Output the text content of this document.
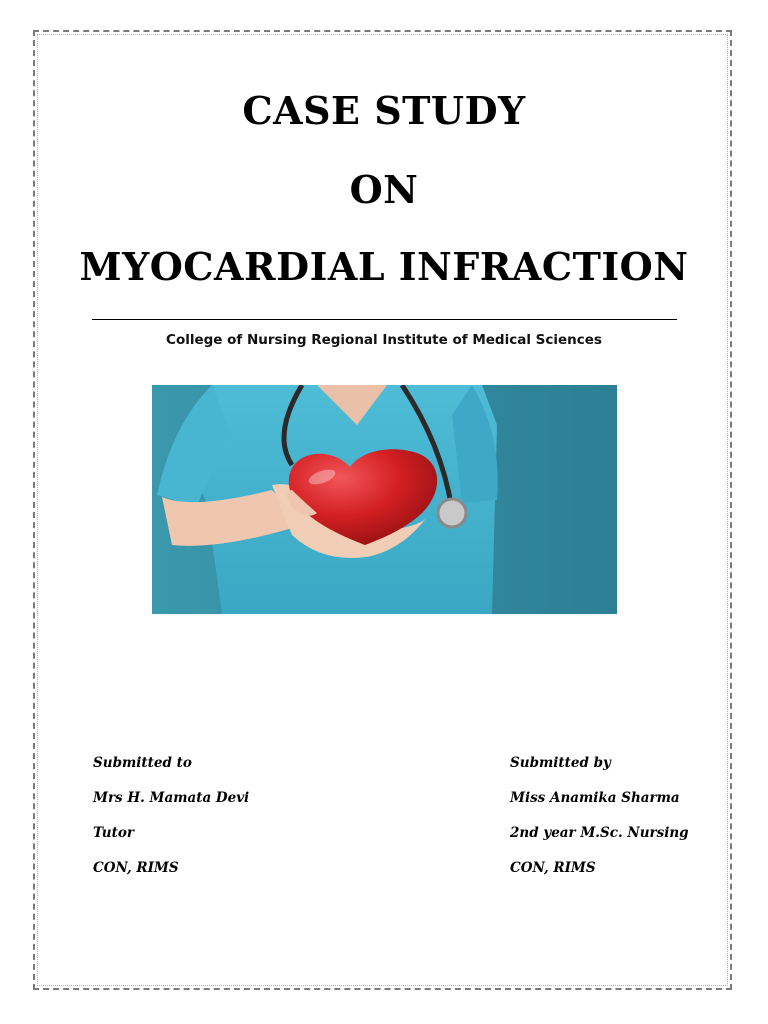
CASE STUDY
ON
MYOCARDIAL INFRACTION
College of Nursing Regional Institute of Medical Sciences
Submitted to
Mrs H. Mamata Devi
Tutor
CON, RIMS
Submitted by
Miss Anamika Sharma
2nd year M.Sc. Nursing
CON, RIMS
